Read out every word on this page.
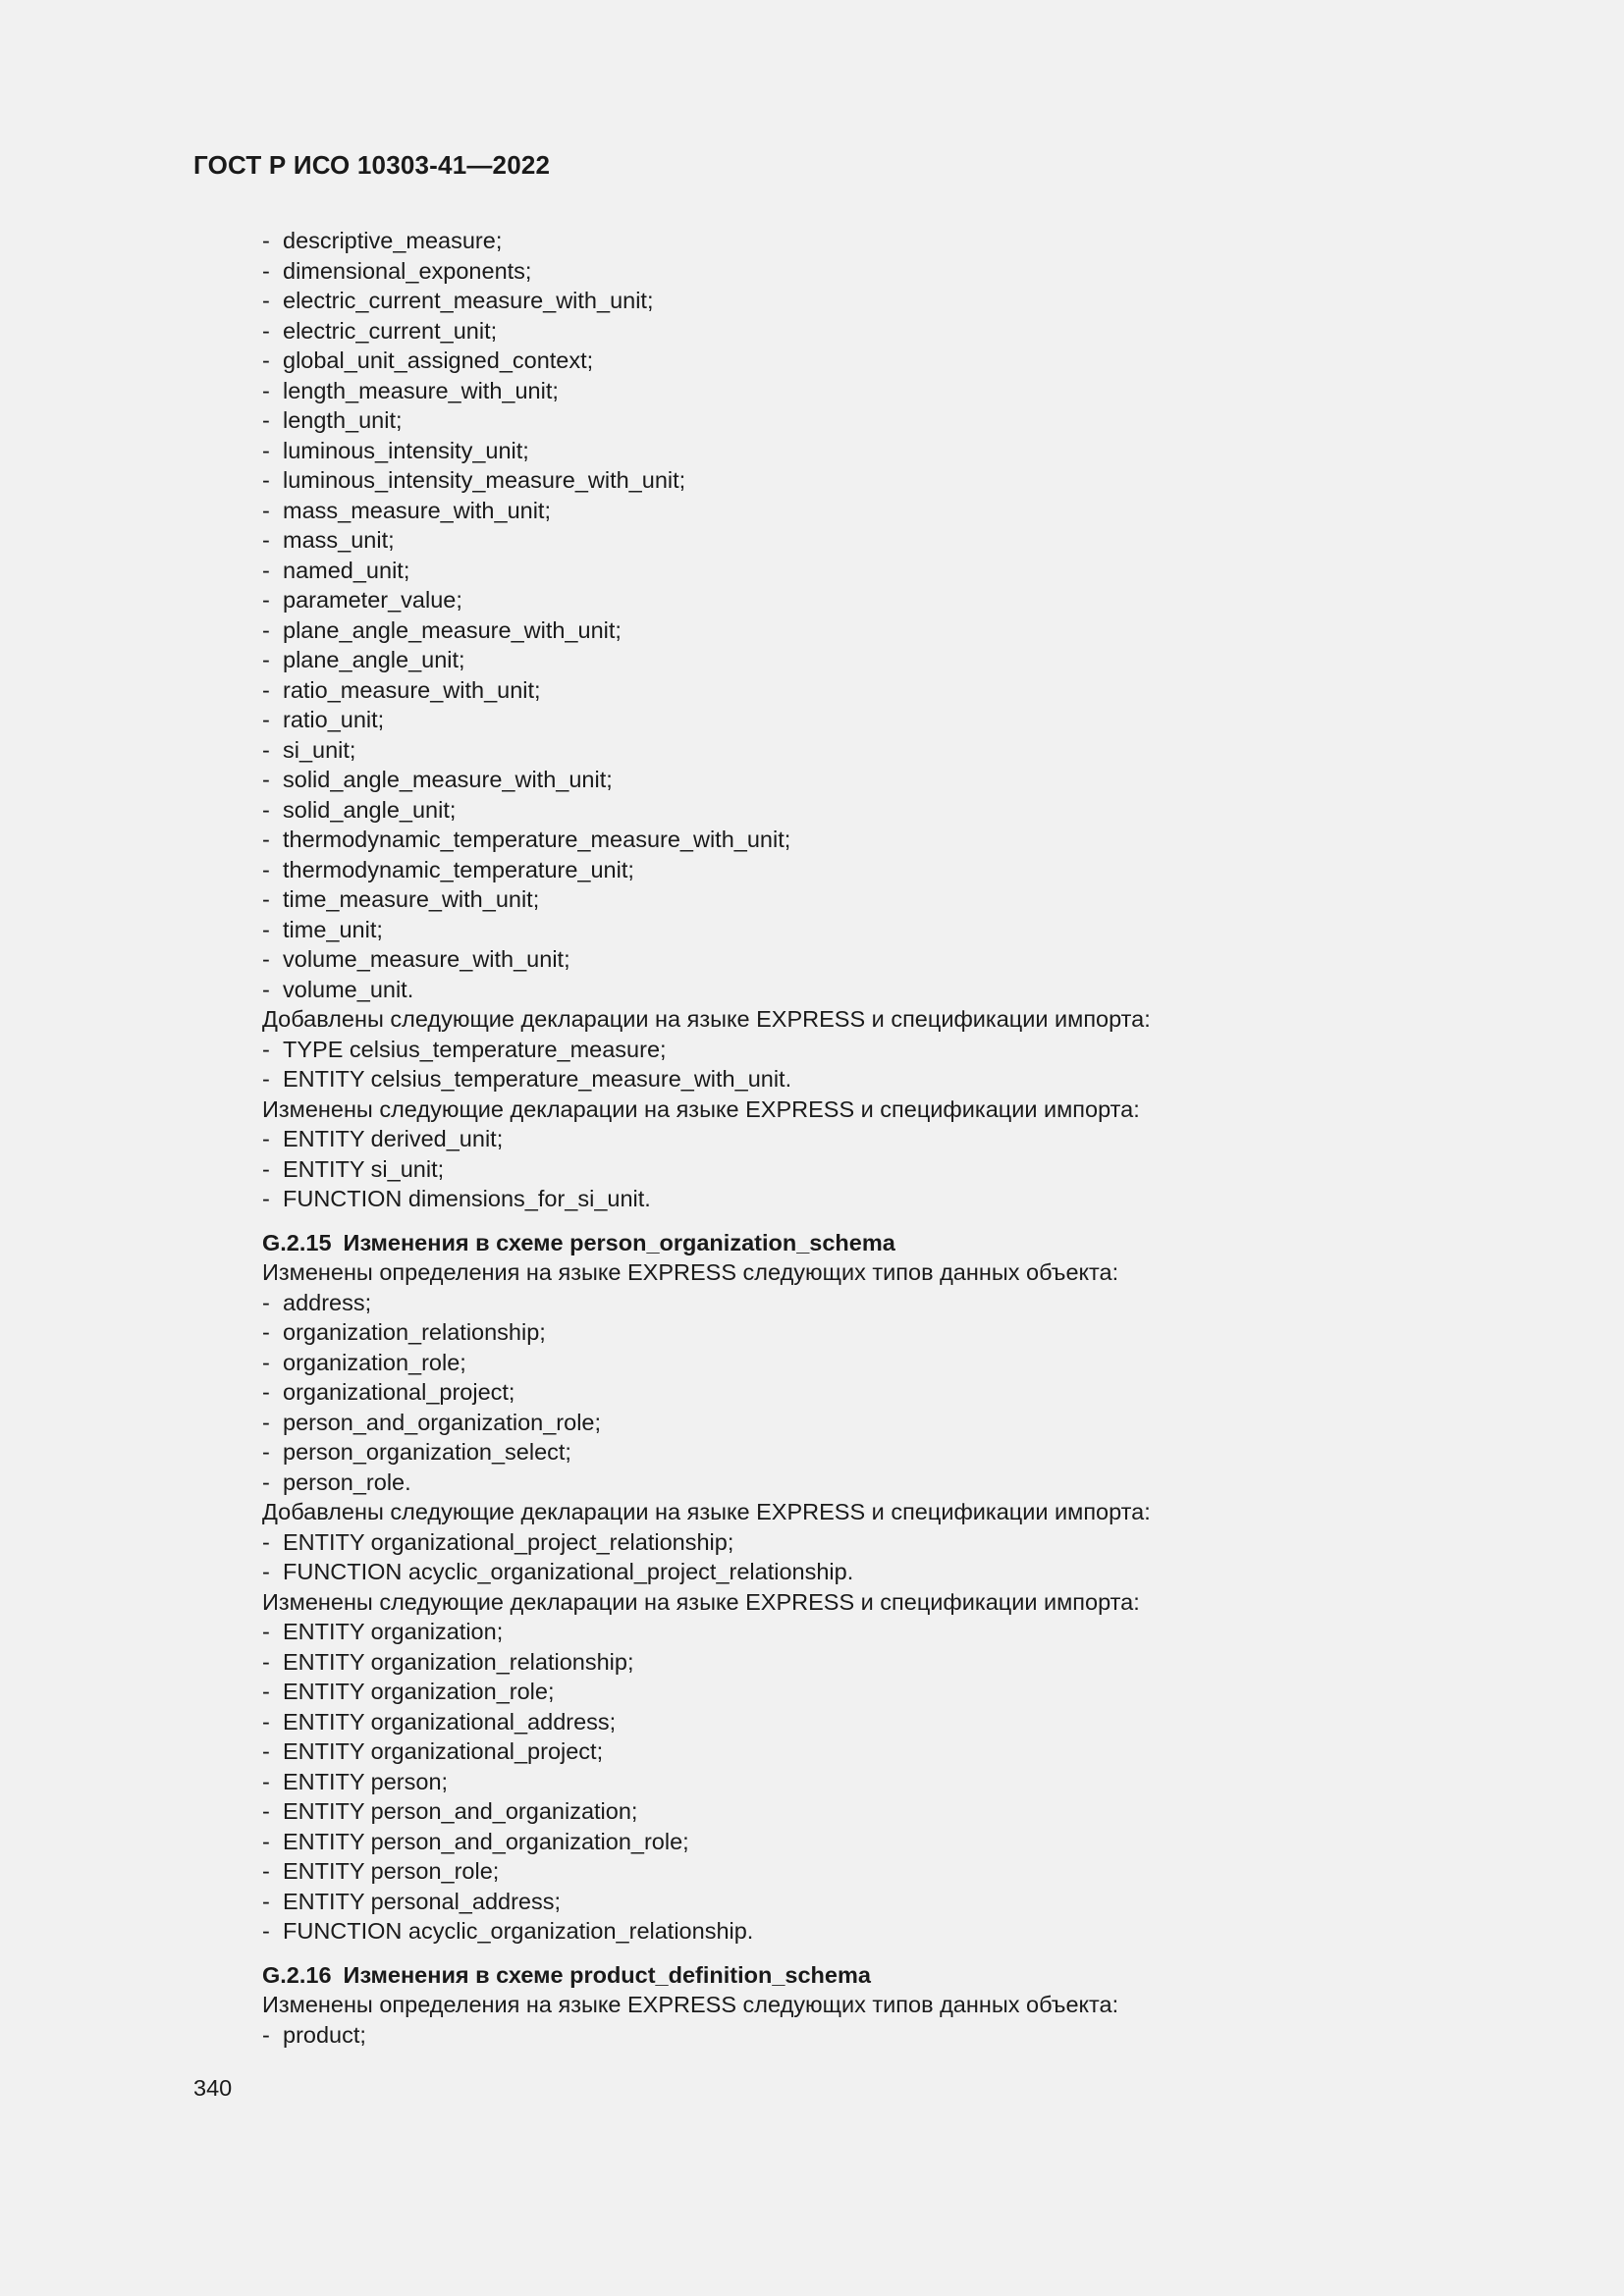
ГОСТ Р ИСО 10303-41—2022
- descriptive_measure;
- dimensional_exponents;
- electric_current_measure_with_unit;
- electric_current_unit;
- global_unit_assigned_context;
- length_measure_with_unit;
- length_unit;
- luminous_intensity_unit;
- luminous_intensity_measure_with_unit;
- mass_measure_with_unit;
- mass_unit;
- named_unit;
- parameter_value;
- plane_angle_measure_with_unit;
- plane_angle_unit;
- ratio_measure_with_unit;
- ratio_unit;
- si_unit;
- solid_angle_measure_with_unit;
- solid_angle_unit;
- thermodynamic_temperature_measure_with_unit;
- thermodynamic_temperature_unit;
- time_measure_with_unit;
- time_unit;
- volume_measure_with_unit;
- volume_unit.
Добавлены следующие декларации на языке EXPRESS и спецификации импорта:
- TYPE celsius_temperature_measure;
- ENTITY celsius_temperature_measure_with_unit.
Изменены следующие декларации на языке EXPRESS и спецификации импорта:
- ENTITY derived_unit;
- ENTITY si_unit;
- FUNCTION dimensions_for_si_unit.
G.2.15 Изменения в схеме person_organization_schema
Изменены определения на языке EXPRESS следующих типов данных объекта:
- address;
- organization_relationship;
- organization_role;
- organizational_project;
- person_and_organization_role;
- person_organization_select;
- person_role.
Добавлены следующие декларации на языке EXPRESS и спецификации импорта:
- ENTITY organizational_project_relationship;
- FUNCTION acyclic_organizational_project_relationship.
Изменены следующие декларации на языке EXPRESS и спецификации импорта:
- ENTITY organization;
- ENTITY organization_relationship;
- ENTITY organization_role;
- ENTITY organizational_address;
- ENTITY organizational_project;
- ENTITY person;
- ENTITY person_and_organization;
- ENTITY person_and_organization_role;
- ENTITY person_role;
- ENTITY personal_address;
- FUNCTION acyclic_organization_relationship.
G.2.16 Изменения в схеме product_definition_schema
Изменены определения на языке EXPRESS следующих типов данных объекта:
- product;
340
